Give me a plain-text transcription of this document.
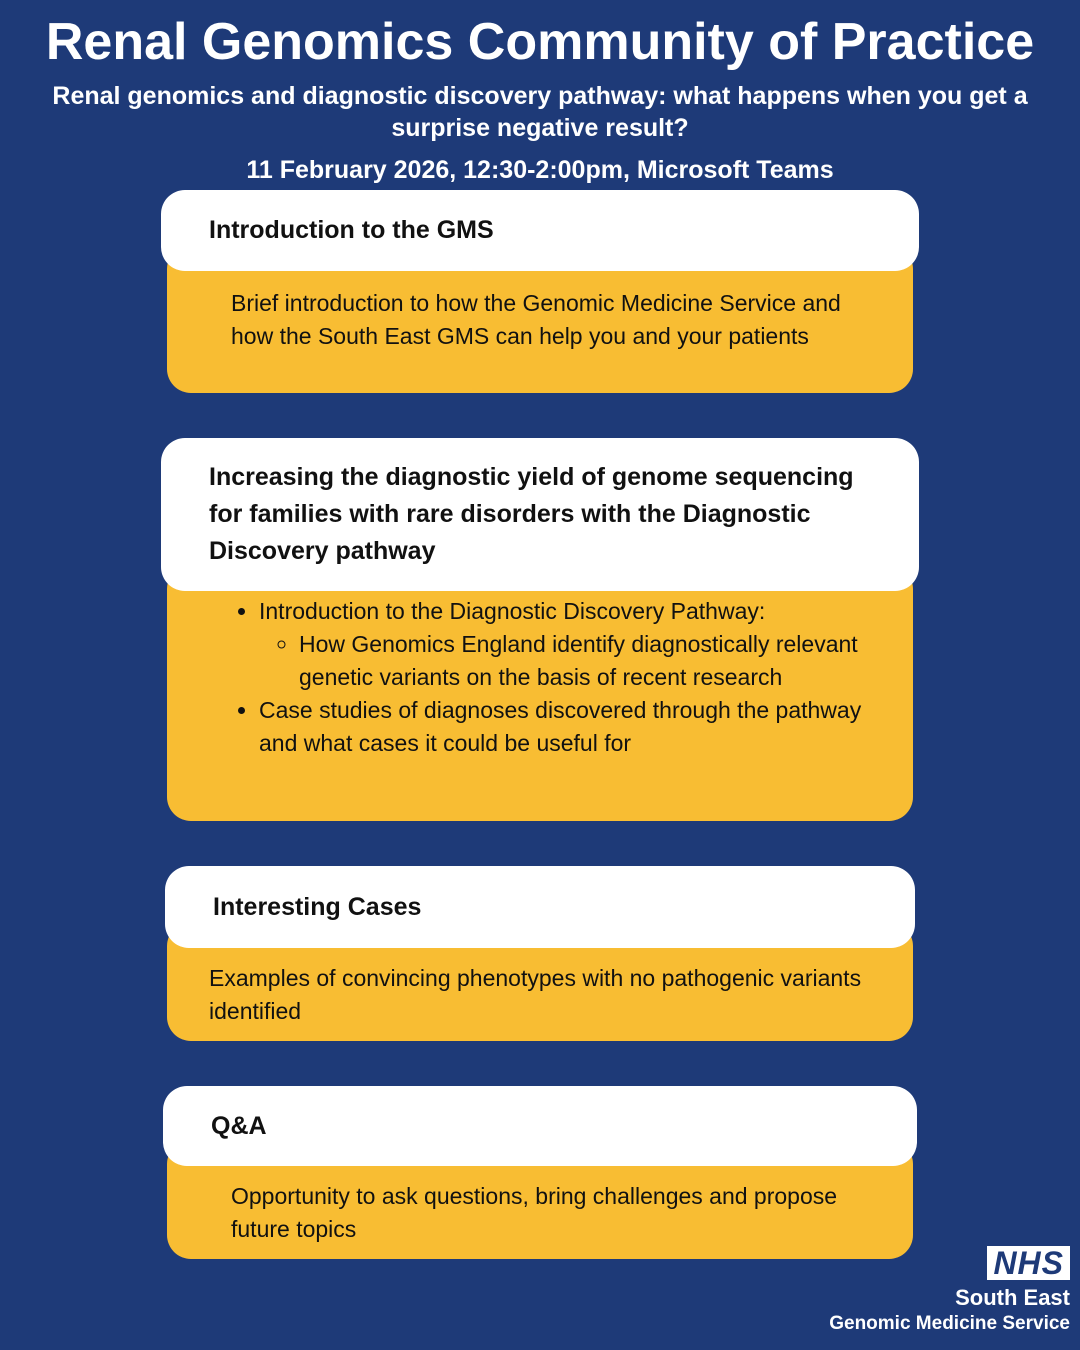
Renal Genomics Community of Practice
Renal genomics and diagnostic discovery pathway: what happens when you get a surprise negative result?
11 February 2026, 12:30-2:00pm, Microsoft Teams
Brief introduction to how the Genomic Medicine Service and how the South East GMS can help you and your patients
Introduction to the GMS
• Introduction to the Diagnostic Discovery Pathway:
◦ How Genomics England identify diagnostically relevant genetic variants on the basis of recent research
• Case studies of diagnoses discovered through the pathway and what cases it could be useful for
Increasing the diagnostic yield of genome sequencing for families with rare disorders with the Diagnostic Discovery pathway
Examples of convincing phenotypes with no pathogenic variants identified
Interesting Cases
Opportunity to ask questions, bring challenges and propose future topics
Q&A
NHS
South East
Genomic Medicine Service
